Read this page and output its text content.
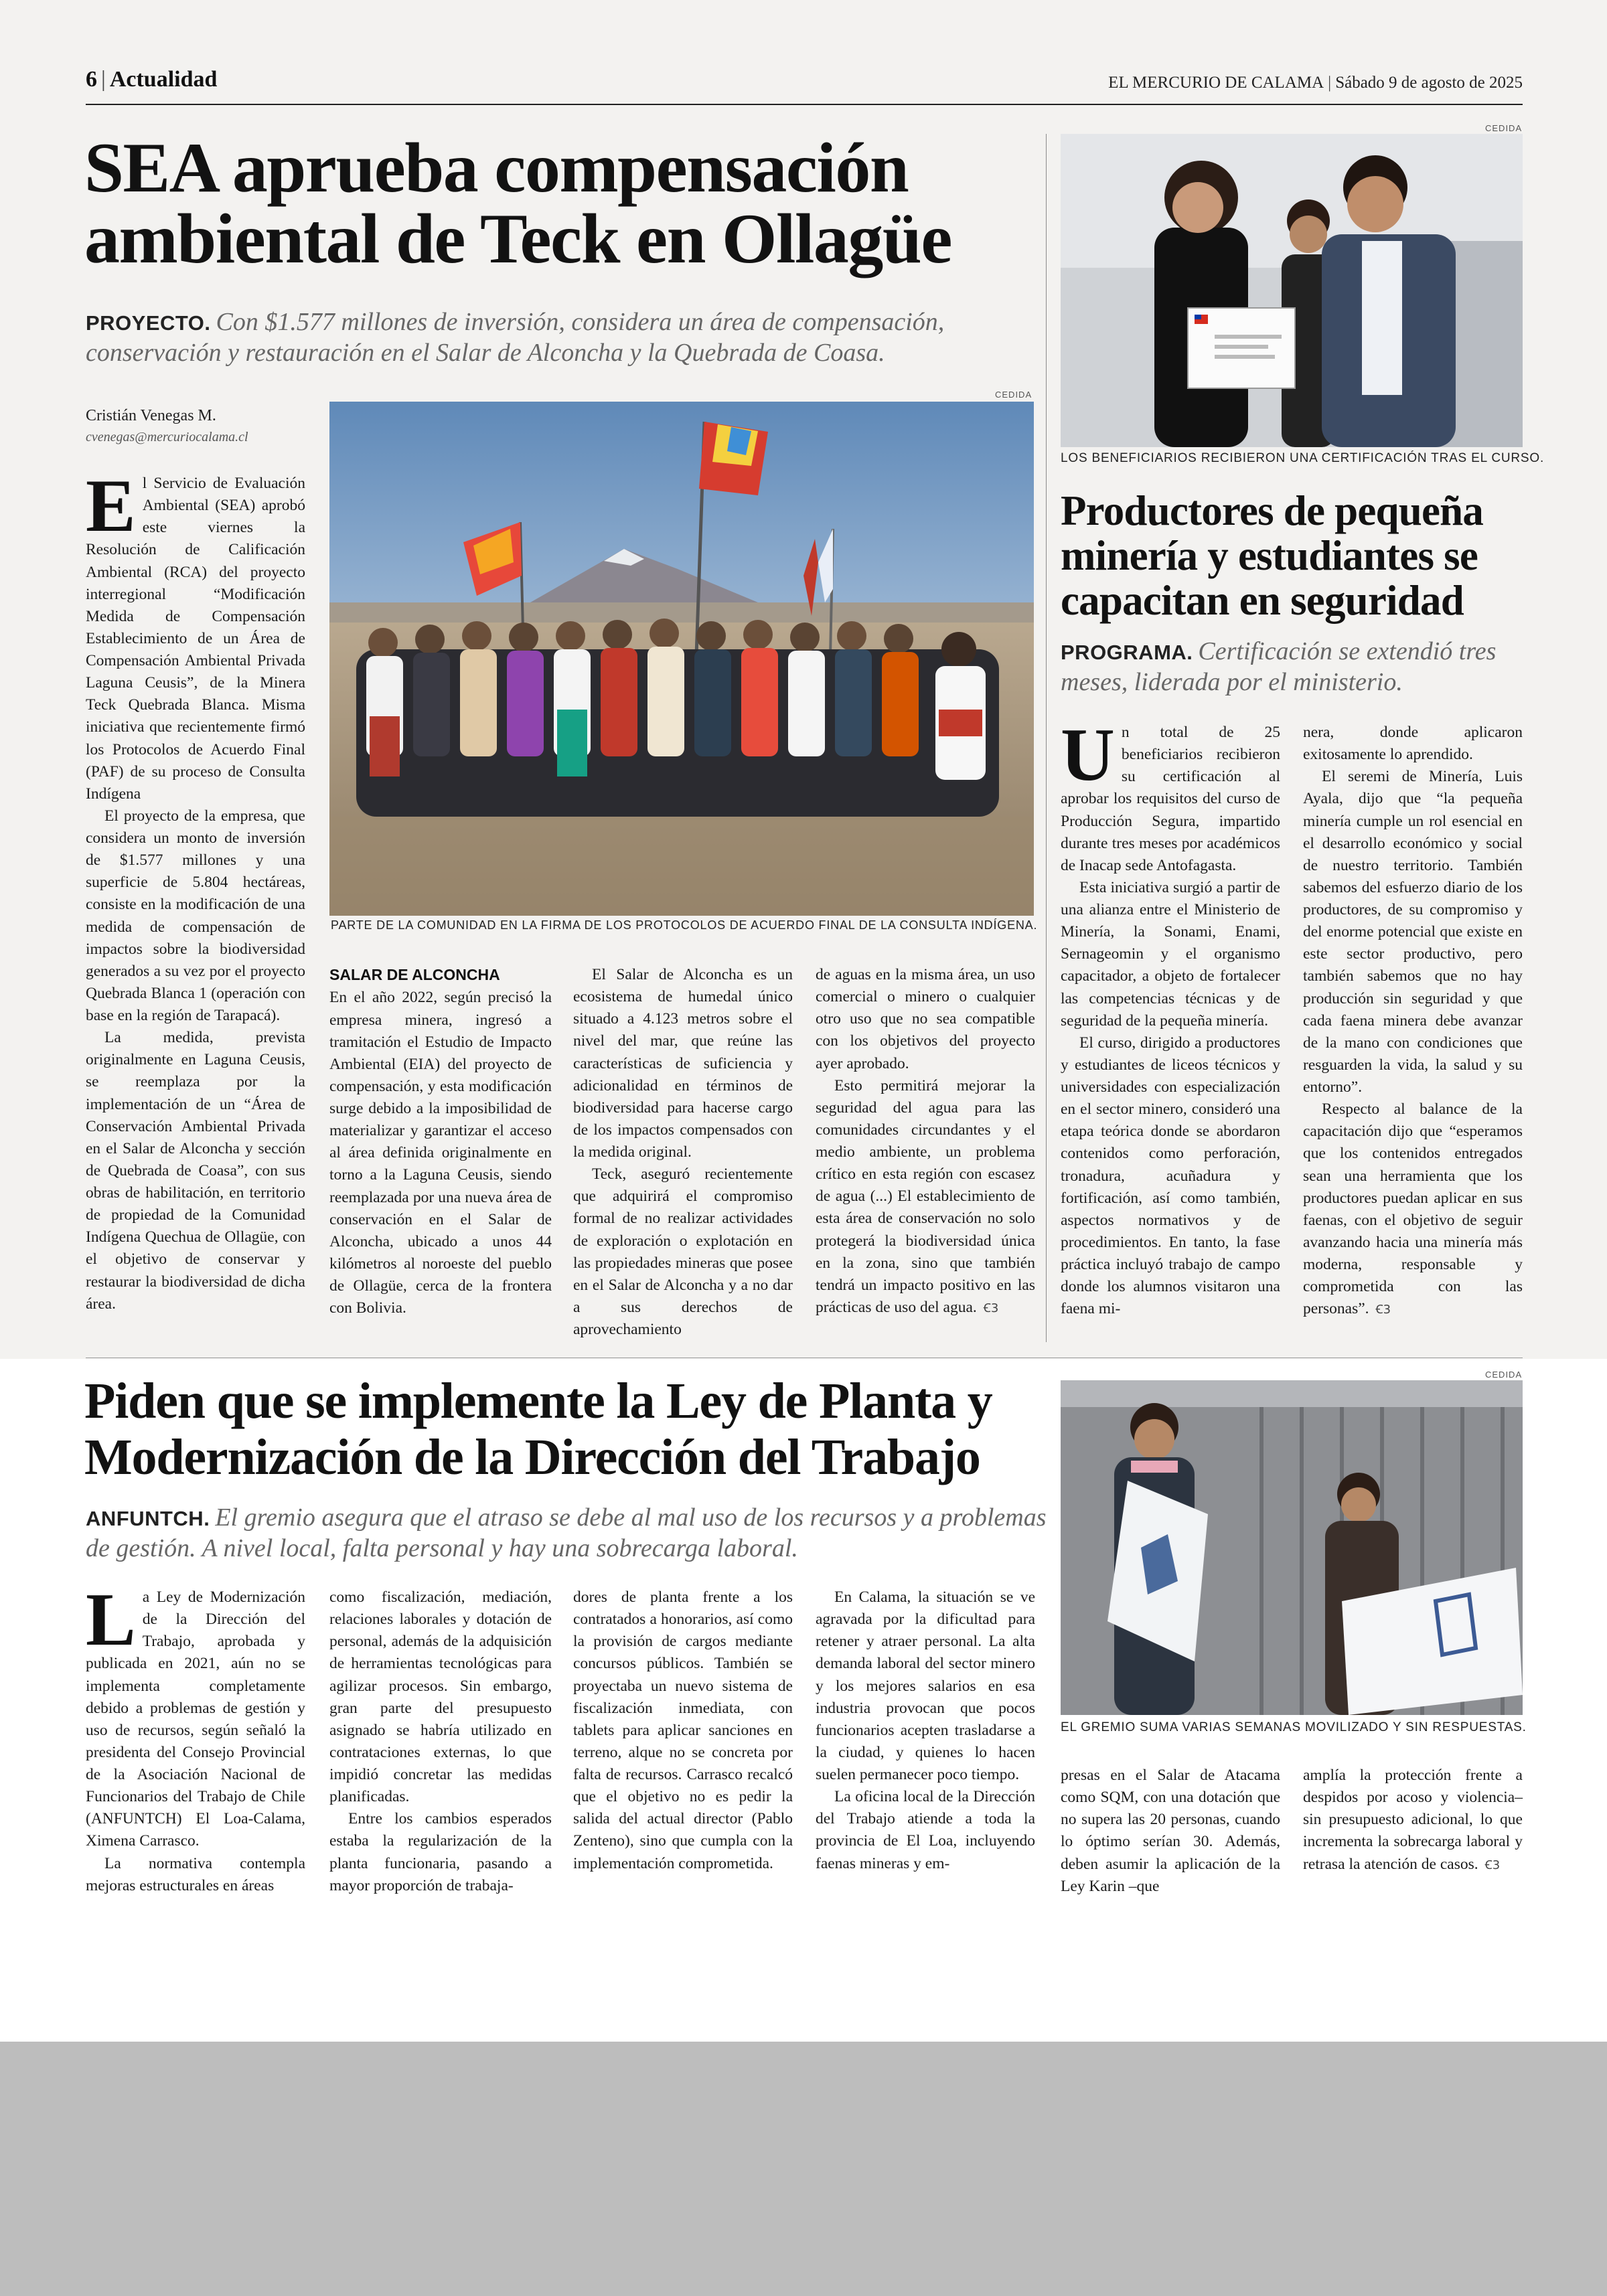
6 | Actualidad	EL MERCURIO DE CALAMA | Sábado 9 de agosto de 2025
SEA aprueba compensación
ambiental de Teck en Ollagüe
PROYECTO. Con $1.577 millones de inversión, considera un área de compensación, conservación y restauración en el Salar de Alconcha y la Quebrada de Coasa.
Cristián Venegas M.
cvenegas@mercuriocalama.cl
CEDIDA
PARTE DE LA COMUNIDAD EN LA FIRMA DE LOS PROTOCOLOS DE ACUERDO FINAL DE LA CONSULTA INDÍGENA.

El Servicio de Evaluación Ambiental (SEA) aprobó este viernes la Resolución de Calificación Ambiental (RCA) del proyecto interregional “Modificación Medida de Compensación Establecimiento de un Área de Compensación Ambiental Privada Laguna Ceusis”, de la Minera Teck Quebrada Blanca. Misma iniciativa que recientemente firmó los Protocolos de Acuerdo Final (PAF) de su proceso de Consulta Indígena

El proyecto de la empresa, que considera un monto de inversión de $1.577 millones y una superficie de 5.804 hectáreas, consiste en la modificación de una medida de compensación de impactos sobre la biodiversidad generados a su vez por el proyecto Quebrada Blanca 1 (operación con base en la región de Tarapacá).

La medida, prevista originalmente en Laguna Ceusis, se reemplaza por la implementación de un “Área de Conservación Ambiental Privada en el Salar de Alconcha y sección de Quebrada de Coasa”, con sus obras de habilitación, en territorio de propiedad de la Comunidad Indígena Quechua de Ollagüe, con el objetivo de conservar y restaurar la biodiversidad de dicha área.

SALAR DE ALCONCHA

En el año 2022, según precisó la empresa minera, ingresó a tramitación el Estudio de Impacto Ambiental (EIA) del proyecto de compensación, y esta modificación surge debido a la imposibilidad de materializar y garantizar el acceso al área definida originalmente en torno a la Laguna Ceusis, siendo reemplazada por una nueva área de conservación en el Salar de Alconcha, ubicado a unos 44 kilómetros al noroeste del pueblo de Ollagüe, cerca de la frontera con Bolivia.

El Salar de Alconcha es un ecosistema de humedal único situado a 4.123 metros sobre el nivel del mar, que reúne las características de suficiencia y adicionalidad en términos de biodiversidad para hacerse cargo de los impactos compensados con la medida original.

Teck, aseguró recientemente que adquirirá el compromiso formal de no realizar actividades de exploración o explotación en las propiedades mineras que posee en el Salar de Alconcha y a no dar a sus derechos de aprovechamiento

de aguas en la misma área, un uso comercial o minero o cualquier otro uso que no sea compatible con los objetivos del proyecto ayer aprobado.

Esto permitirá mejorar la seguridad del agua para las comunidades circundantes y el medio ambiente, un problema crítico en esta región con escasez de agua (...) El establecimiento de esta área de conservación no solo protegerá la biodiversidad única en la zona, sino que también tendrá un impacto positivo en las prácticas de uso del agua. Ꞓ3

CEDIDA
LOS BENEFICIARIOS RECIBIERON UNA CERTIFICACIÓN TRAS EL CURSO.
Productores de pequeña
minería y estudiantes se
capacitan en seguridad
PROGRAMA. Certificación se extendió tres meses, liderada por el ministerio.

Un total de 25 beneficiarios recibieron su certificación al aprobar los requisitos del curso de Producción Segura, impartido durante tres meses por académicos de Inacap sede Antofagasta.

Esta iniciativa surgió a partir de una alianza entre el Ministerio de Minería, la Sonami, Enami, Sernageomin y el organismo capacitador, a objeto de fortalecer las competencias técnicas y de seguridad de la pequeña minería.

El curso, dirigido a productores y estudiantes de liceos técnicos y universidades con especialización en el sector minero, consideró una etapa teórica donde se abordaron contenidos como perforación, tronadura, acuñadura y fortificación, así como también, aspectos normativos y de procedimientos. En tanto, la fase práctica incluyó trabajo de campo donde los alumnos visitaron una faena mi-

nera, donde aplicaron exitosamente lo aprendido.

El seremi de Minería, Luis Ayala, dijo que “la pequeña minería cumple un rol esencial en el desarrollo económico y social de nuestro territorio. También sabemos del esfuerzo diario de los productores, de su compromiso y del enorme potencial que existe en este sector productivo, pero también sabemos que no hay producción sin seguridad y que cada faena minera debe avanzar de la mano con condiciones que resguarden la vida, la salud y su entorno”.

Respecto al balance de la capacitación dijo que “esperamos que los contenidos entregados sean una herramienta que los productores puedan aplicar en sus faenas, con el objetivo de seguir avanzando hacia una minería más moderna, responsable y comprometida con las personas”. Ꞓ3

Piden que se implemente la Ley de Planta y
Modernización de la Dirección del Trabajo
ANFUNTCH. El gremio asegura que el atraso se debe al mal uso de los recursos y a problemas de gestión. A nivel local, falta personal y hay una sobrecarga laboral.

La Ley de Modernización de la Dirección del Trabajo, aprobada y publicada en 2021, aún no se implementa completamente debido a problemas de gestión y uso de recursos, según señaló la presidenta del Consejo Provincial de la Asociación Nacional de Funcionarios del Trabajo de Chile (ANFUNTCH) El Loa-Calama, Ximena Carrasco.

La normativa contempla mejoras estructurales en áreas

como fiscalización, mediación, relaciones laborales y dotación de personal, además de la adquisición de herramientas tecnológicas para agilizar procesos. Sin embargo, gran parte del presupuesto asignado se habría utilizado en contrataciones externas, lo que impidió concretar las medidas planificadas.

Entre los cambios esperados estaba la regularización de la planta funcionaria, pasando a mayor proporción de trabaja-

dores de planta frente a los contratados a honorarios, así como la provisión de cargos mediante concursos públicos. También se proyectaba un nuevo sistema de fiscalización inmediata, con tablets para aplicar sanciones en terreno, alque no se concreta por falta de recursos. Carrasco recalcó que el objetivo no es pedir la salida del actual director (Pablo Zenteno), sino que cumpla con la implementación comprometida.

En Calama, la situación se ve agravada por la dificultad para retener y atraer personal. La alta demanda laboral del sector minero y los mejores salarios en esa industria provocan que pocos funcionarios acepten trasladarse a la ciudad, y quienes lo hacen suelen permanecer poco tiempo.

La oficina local de la Dirección del Trabajo atiende a toda la provincia de El Loa, incluyendo faenas mineras y em-

CEDIDA
EL GREMIO SUMA VARIAS SEMANAS MOVILIZADO Y SIN RESPUESTAS.

presas en el Salar de Atacama como SQM, con una dotación que no supera las 20 personas, cuando lo óptimo serían 30. Además, deben asumir la aplicación de la Ley Karin –que

amplía la protección frente a despidos por acoso y violencia– sin presupuesto adicional, lo que incrementa la sobrecarga laboral y retrasa la atención de casos. Ꞓ3
